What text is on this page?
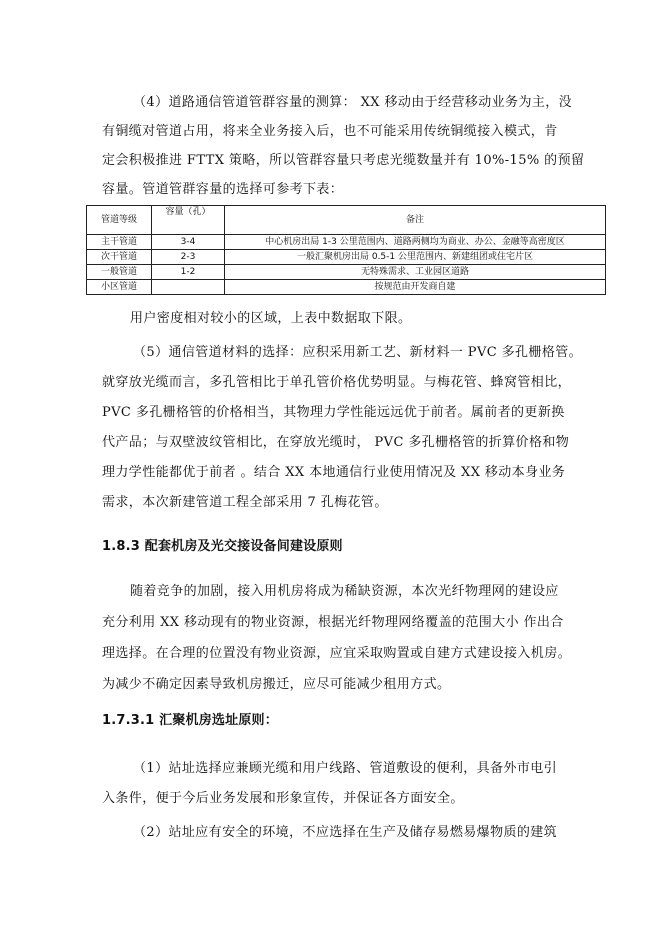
（4）道路通信管道管群容量的测算： XX 移动由于经营移动业务为主，没
有铜缆对管道占用，将来全业务接入后，也不可能采用传统铜缆接入模式，肯
定会积极推进 FTTX 策略，所以管群容量只考虑光缆数量并有 10%-15% 的预留
容量。管道管群容量的选择可参考下表：
管道等级	容量（孔）	备注
主干管道	3-4	中心机房出局 1-3 公里范围内、道路两侧均为商业、办公、金融等高密度区
次干管道	2-3	一般汇聚机房出局 0.5-1 公里范围内、新建组团或住宅片区
一般管道	1-2	无特殊需求、工业园区道路
小区管道		按规范由开发商自建
用户密度相对较小的区域，上表中数据取下限。
（5）通信管道材料的选择：应积采用新工艺、新材料一 PVC 多孔栅格管。
就穿放光缆而言，多孔管相比于单孔管价格优势明显。与梅花管、蜂窝管相比，
PVC 多孔栅格管的价格相当，其物理力学性能远远优于前者。属前者的更新换
代产品；与双壁波纹管相比，在穿放光缆时， PVC 多孔栅格管的折算价格和物
理力学性能都优于前者 。结合 XX 本地通信行业使用情况及 XX 移动本身业务
需求，本次新建管道工程全部采用 7 孔梅花管。
1.8.3 配套机房及光交接设备间建设原则
随着竞争的加剧，接入用机房将成为稀缺资源，本次光纤物理网的建设应
充分利用 XX 移动现有的物业资源，根据光纤物理网络覆盖的范围大小 作出合
理选择。在合理的位置没有物业资源，应宜采取购置或自建方式建设接入机房。
为减少不确定因素导致机房搬迁，应尽可能减少租用方式。
1.7.3.1 汇聚机房选址原则：
（1）站址选择应兼顾光缆和用户线路、管道敷设的便利，具备外市电引
入条件，便于今后业务发展和形象宣传，并保证各方面安全。
（2）站址应有安全的环境，不应选择在生产及储存易燃易爆物质的建筑
